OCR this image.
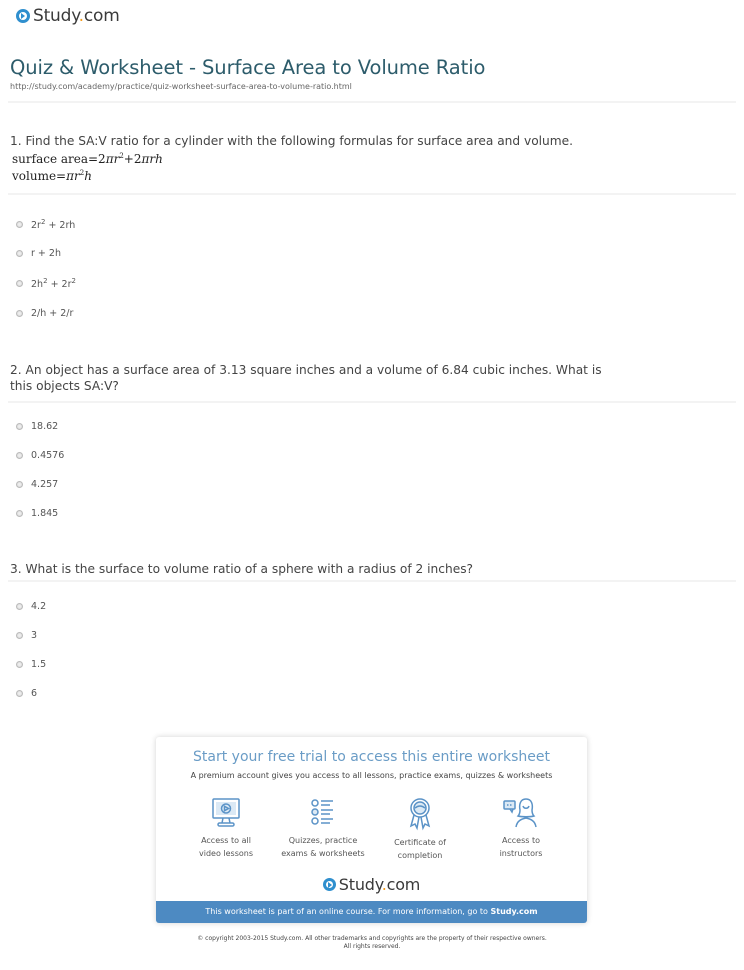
Study.com
Quiz & Worksheet - Surface Area to Volume Ratio
http://study.com/academy/practice/quiz-worksheet-surface-area-to-volume-ratio.html
1. Find the SA:V ratio for a cylinder with the following formulas for surface area and volume.
surface $area=2\pi r^2+2\pi rh$
$volume=\pi r^2h$
$2r^2 + 2rh$
r + 2h
$2h^2 + 2r^2$
2/h + 2/r
2. An object has a surface area of 3.13 square inches and a volume of 6.84 cubic inches. What is this objects SA:V?
18.62
0.4576
4.257
1.845
3. What is the surface to volume ratio of a sphere with a radius of 2 inches?
4.2
3
1.5
6
Start your free trial to access this entire worksheet
A premium account gives you access to all lessons, practice exams, quizzes & worksheets
Access to all
video lessons
Quizzes, practice
exams & worksheets
Certificate of
completion
Access to
instructors
Study.com
This worksheet is part of an online course. For more information, go to Study.com
© copyright 2003-2015 Study.com. All other trademarks and copyrights are the property of their respective owners.
All rights reserved.
